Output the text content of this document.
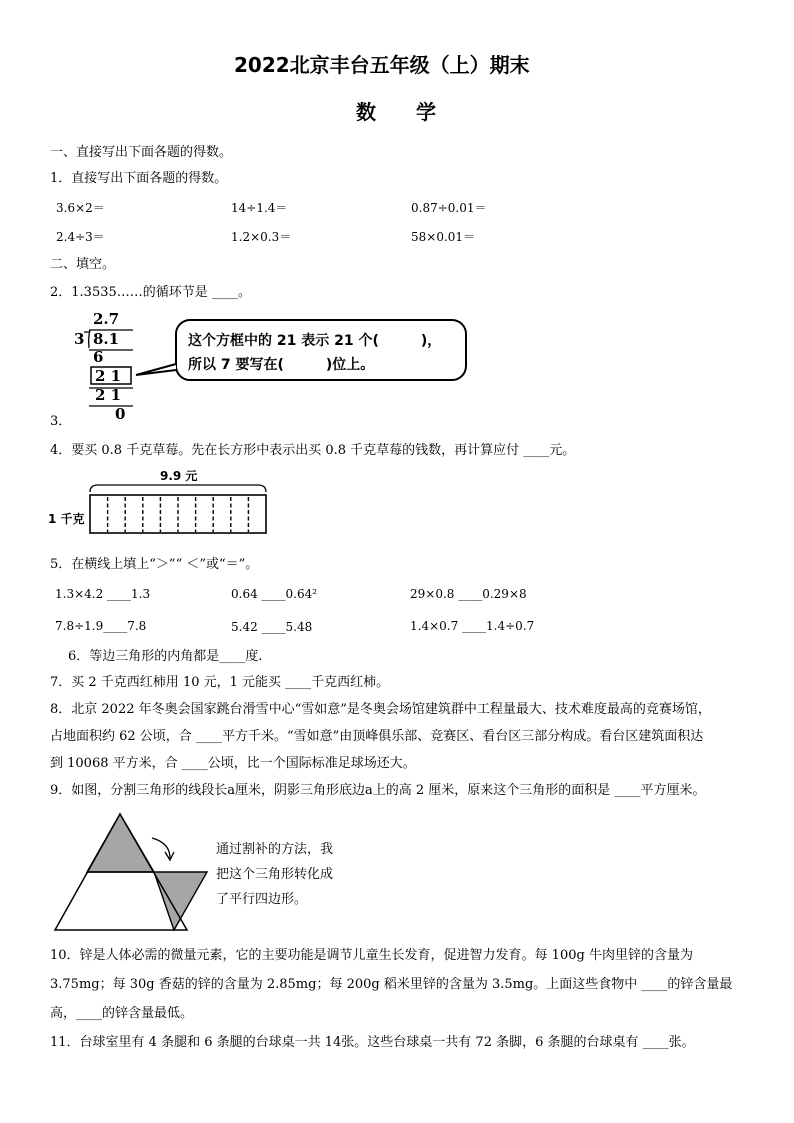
2022北京丰台五年级（上）期末
数学
一、直接写出下面各题的得数。
1．直接写出下面各题的得数。
3.6×2＝	14÷1.4＝	0.87÷0.01＝
2.4÷3＝	1.2×0.3＝	58×0.01＝
二、填空。
2．1.3535……的循环节是 ____。
2.7
3 8.1
6
2 1
2 1
0
这个方框中的 21 表示 21 个(　　　)，
所以 7 要写在(　　　)位上。
3．
4．要买 0.8 千克草莓。先在长方形中表示出买 0.8 千克草莓的钱数，再计算应付 ____元。
9.9 元
1 千克
5．在横线上填上“＞”“ ＜”或“＝”。
1.3×4.2 ____1.3	0.64 ____0.64²	29×0.8 ____0.29×8
7.8÷1.9____7.8	5.42 ____5.4̇8̇	1.4×0.7 ____1.4÷0.7
6．等边三角形的内角都是____度.
7．买 2 千克西红柿用 10 元，1 元能买 ____千克西红柿。
8．北京 2022 年冬奥会国家跳台滑雪中心“雪如意”是冬奥会场馆建筑群中工程量最大、技术难度最高的竞赛场馆，
占地面积约 62 公顷，合 ____平方千米。“雪如意”由顶峰俱乐部、竞赛区、看台区三部分构成。看台区建筑面积达
到 10068 平方米，合 ____公顷，比一个国际标准足球场还大。
9．如图，分割三角形的线段长a厘米，阴影三角形底边a上的高 2 厘米，原来这个三角形的面积是 ____平方厘米。
通过割补的方法，我
把这个三角形转化成
了平行四边形。
10．锌是人体必需的微量元素，它的主要功能是调节儿童生长发育，促进智力发育。每 100g 牛肉里锌的含量为
3.75mg；每 30g 香菇的锌的含量为 2.85mg；每 200g 稻米里锌的含量为 3.5mg。上面这些食物中 ____的锌含量最
高，____的锌含量最低。
11．台球室里有 4 条腿和 6 条腿的台球桌一共 14张。这些台球桌一共有 72 条脚，6 条腿的台球桌有 ____张。
